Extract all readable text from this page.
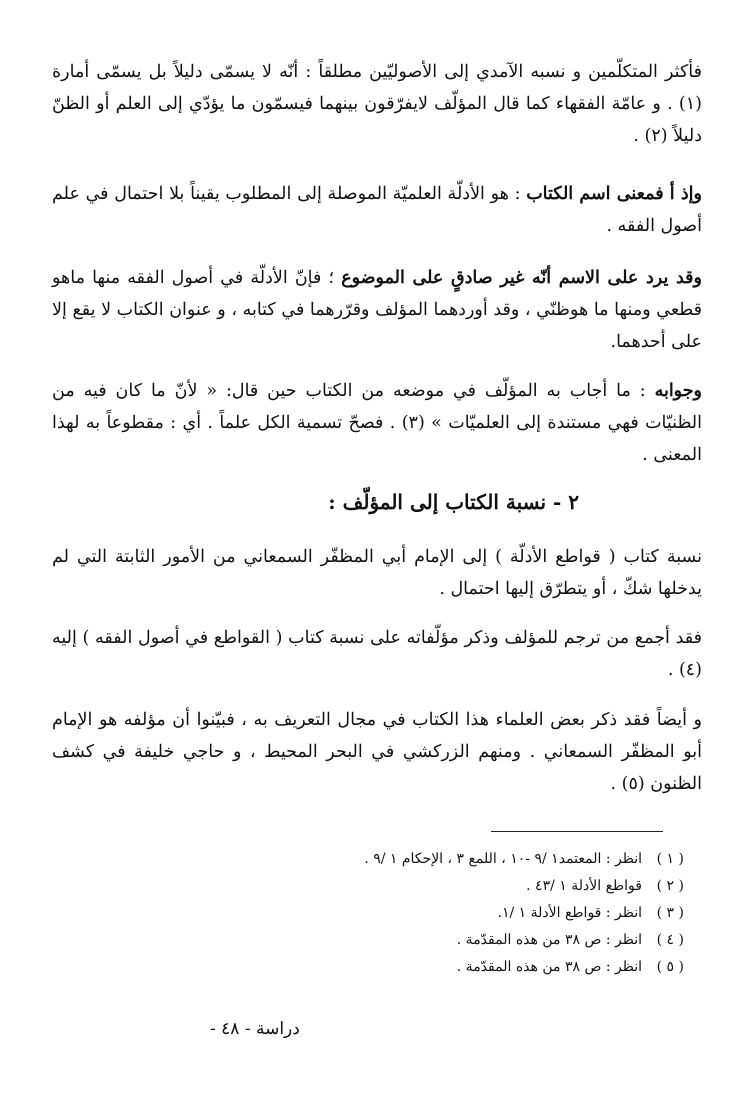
فأكثر المتكلّمين و نسبه الآمدي إلى الأصوليّين مطلقاً : أنّه لا يسمّى دليلاً بل يسمّى أمارة (١) . و عامّة الفقهاء كما قال المؤلّف لايفرّقون بينهما فيسمّون ما يؤدّي إلى العلم أو الظنّ دليلاً (٢) .

وإذ أ فمعنى اسم الكتاب : هو الأدلّة العلميّة الموصلة إلى المطلوب يقيناً بلا احتمال في علم أصول الفقه .

وقد يرد على الاسم أنّه غير صادقٍ على الموضوع ؛ فإنّ الأدلّة في أصول الفقه منها ماهو قطعي ومنها ما هوظنّي ، وقد أوردهما المؤلف وقرّرهما في كتابه ، و عنوان الكتاب لا يقع إلا على أحدهما.

وجوابه : ما أجاب به المؤلّف في موضعه من الكتاب حين قال: « لأنّ ما كان فيه من الظنيّات فهي مستندة إلى العلميّات » (٣) . فصحّ تسمية الكل علماً . أي : مقطوعاً به لهذا المعنى .

٢ - نسبة الكتاب إلى المؤلّف :

نسبة كتاب ( قواطع الأدلّة ) إلى الإمام أبي المظفّر السمعاني من الأمور الثابتة التي لم يدخلها شكّ ، أو يتطرّق إليها احتمال .

فقد أجمع من ترجم للمؤلف وذكر مؤلّفاته على نسبة كتاب ( القواطع في أصول الفقه ) إليه (٤) .

و أيضاً فقد ذكر بعض العلماء هذا الكتاب في مجال التعريف به ، فبيّنوا أن مؤلفه هو الإمام أبو المظفّر السمعاني . ومنهم الزركشي في البحر المحيط ، و حاجي خليفة في كشف الظنون (٥) .

( ١ )انظر : المعتمد١ /٩ -١٠ ، اللمع ٣ ، الإحكام ١ /٩ .
( ٢ )قواطع الأدلة ١ /٤٣ .
( ٣ )انظر : قواطع الأدلة ١ /١.
( ٤ )انظر : ص ٣٨ من هذه المقدّمة .
( ٥ )انظر : ص ٣٨ من هذه المقدّمة .
دراسة - ٤٨ -
